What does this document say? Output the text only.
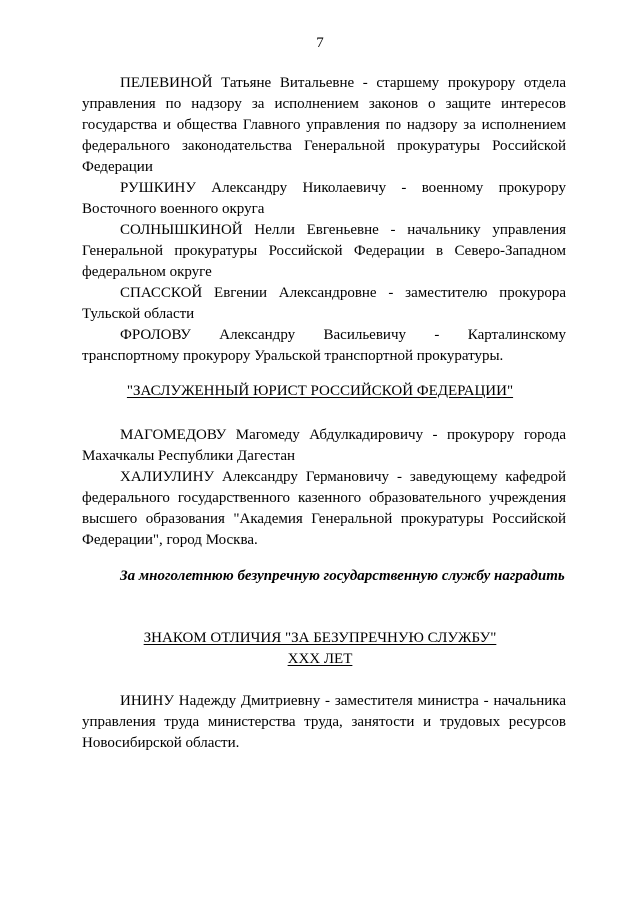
7

ПЕЛЕВИНОЙ Татьяне Витальевне - старшему прокурору отдела управления по надзору за исполнением законов о защите интересов государства и общества Главного управления по надзору за исполнением федерального законодательства Генеральной прокуратуры Российской Федерации

РУШКИНУ Александру Николаевичу - военному прокурору Восточного военного округа

СОЛНЫШКИНОЙ Нелли Евгеньевне - начальнику управления Генеральной прокуратуры Российской Федерации в Северо-Западном федеральном округе

СПАССКОЙ Евгении Александровне - заместителю прокурора Тульской области

ФРОЛОВУ Александру Васильевичу - Карталинскому транспортному прокурору Уральской транспортной прокуратуры.

"ЗАСЛУЖЕННЫЙ ЮРИСТ РОССИЙСКОЙ ФЕДЕРАЦИИ"

МАГОМЕДОВУ Магомеду Абдулкадировичу - прокурору города Махачкалы Республики Дагестан

ХАЛИУЛИНУ Александру Германовичу - заведующему кафедрой федерального государственного казенного образовательного учреждения высшего образования "Академия Генеральной прокуратуры Российской Федерации", город Москва.

За многолетнюю безупречную государственную службу наградить

ЗНАКОМ ОТЛИЧИЯ "ЗА БЕЗУПРЕЧНУЮ СЛУЖБУ"

XXX ЛЕТ

ИНИНУ Надежду Дмитриевну - заместителя министра - начальника управления труда министерства труда, занятости и трудовых ресурсов Новосибирской области.
